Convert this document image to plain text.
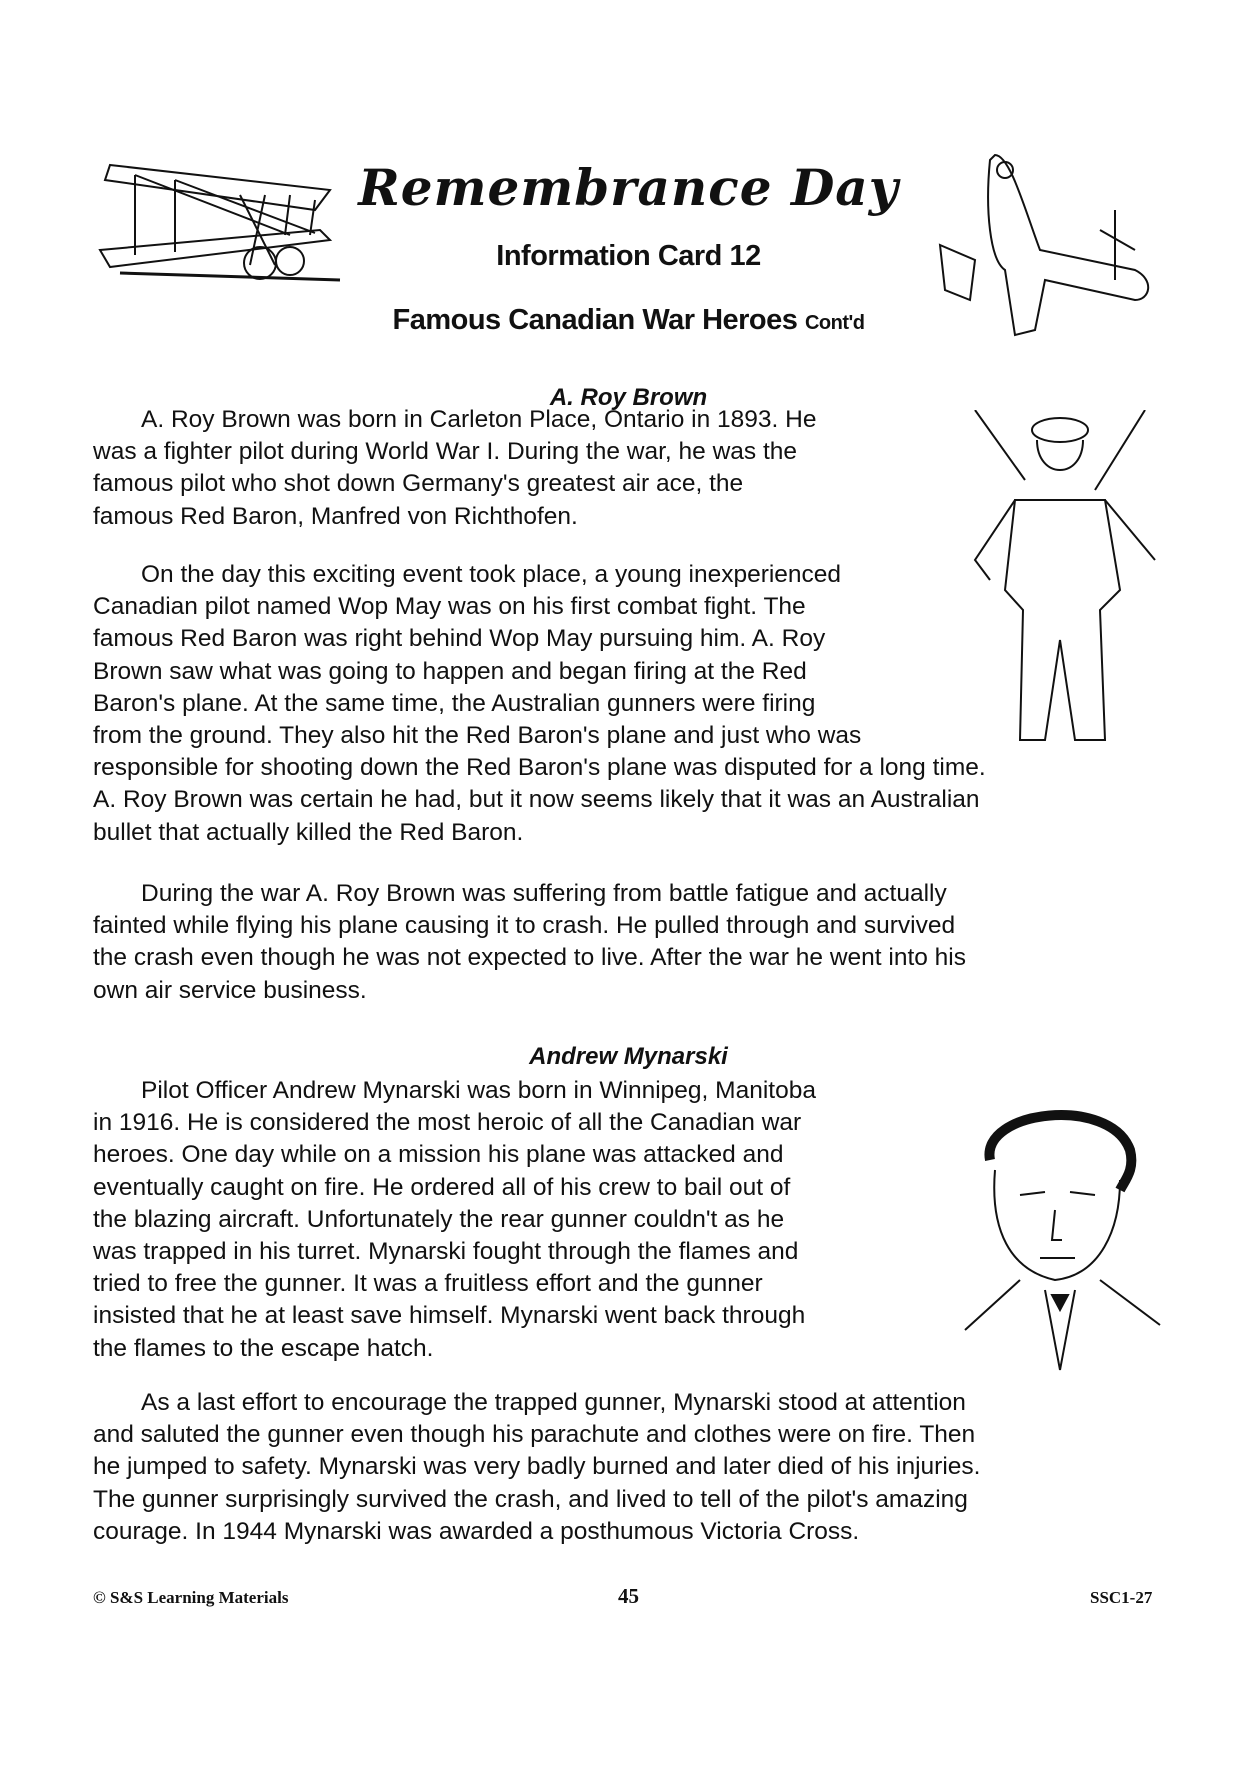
Remembrance Day
Information Card 12
Famous Canadian War Heroes Cont'd
A. Roy Brown
A. Roy Brown was born in Carleton Place, Ontario in 1893. He
was a fighter pilot during World War I. During the war, he was the
famous pilot who shot down Germany's greatest air ace, the
famous Red Baron, Manfred von Richthofen.
On the day this exciting event took place, a young inexperienced
Canadian pilot named Wop May was on his first combat fight. The
famous Red Baron was right behind Wop May pursuing him. A. Roy
Brown saw what was going to happen and began firing at the Red
Baron's plane. At the same time, the Australian gunners were firing
from the ground. They also hit the Red Baron's plane and just who was
responsible for shooting down the Red Baron's plane was disputed for a long time.
A. Roy Brown was certain he had, but it now seems likely that it was an Australian
bullet that actually killed the Red Baron.
During the war A. Roy Brown was suffering from battle fatigue and actually
fainted while flying his plane causing it to crash. He pulled through and survived
the crash even though he was not expected to live. After the war he went into his
own air service business.
Andrew Mynarski
Pilot Officer Andrew Mynarski was born in Winnipeg, Manitoba
in 1916. He is considered the most heroic of all the Canadian war
heroes. One day while on a mission his plane was attacked and
eventually caught on fire. He ordered all of his crew to bail out of
the blazing aircraft. Unfortunately the rear gunner couldn't as he
was trapped in his turret. Mynarski fought through the flames and
tried to free the gunner. It was a fruitless effort and the gunner
insisted that he at least save himself. Mynarski went back through
the flames to the escape hatch.
As a last effort to encourage the trapped gunner, Mynarski stood at attention
and saluted the gunner even though his parachute and clothes were on fire. Then
he jumped to safety. Mynarski was very badly burned and later died of his injuries.
The gunner surprisingly survived the crash, and lived to tell of the pilot's amazing
courage. In 1944 Mynarski was awarded a posthumous Victoria Cross.
© S&S Learning Materials	45	SSC1-27
